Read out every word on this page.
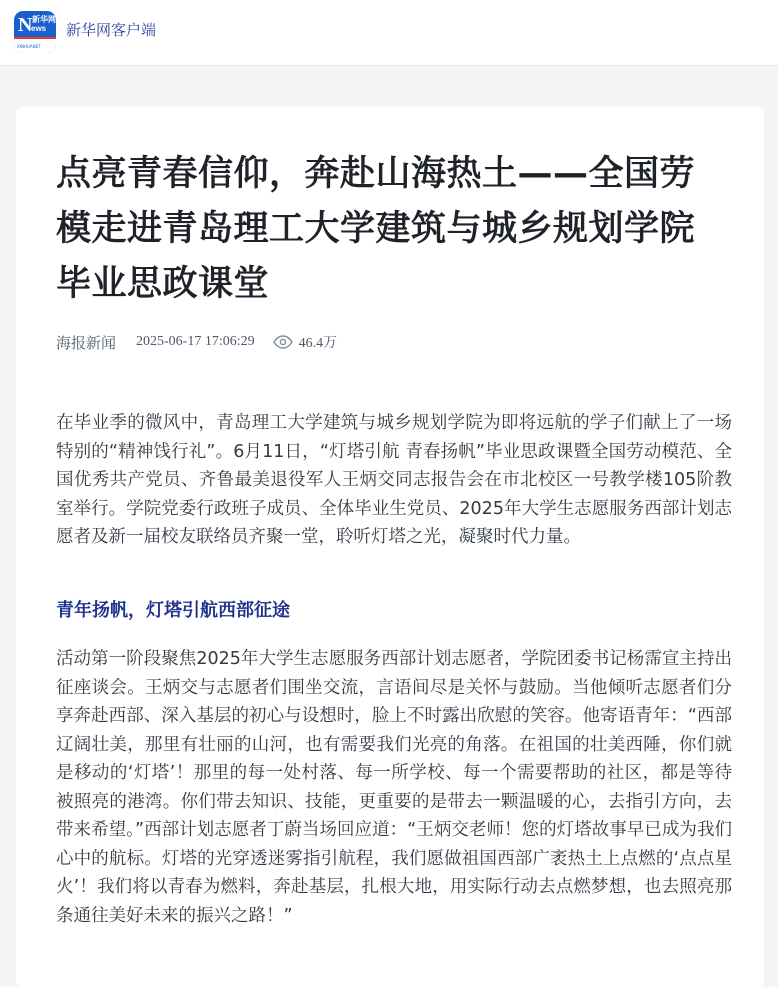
N 新华网
ews
XINHUANET
新华网客户端
点亮青春信仰，奔赴山海热土——全国劳模走进青岛理工大学建筑与城乡规划学院毕业思政课堂
海报新闻 2025-06-17 17:06:29	46.4万

在毕业季的微风中，青岛理工大学建筑与城乡规划学院为即将远航的学子们献上了一场特别的“精神饯行礼”。6月11日，“灯塔引航 青春扬帆”毕业思政课暨全国劳动模范、全国优秀共产党员、齐鲁最美退役军人王炳交同志报告会在市北校区一号教学楼105阶教室举行。学院党委行政班子成员、全体毕业生党员、2025年大学生志愿服务西部计划志愿者及新一届校友联络员齐聚一堂，聆听灯塔之光，凝聚时代力量。

青年扬帆，灯塔引航西部征途

活动第一阶段聚焦2025年大学生志愿服务西部计划志愿者，学院团委书记杨霈宣主持出征座谈会。王炳交与志愿者们围坐交流，言语间尽是关怀与鼓励。当他倾听志愿者们分享奔赴西部、深入基层的初心与设想时，脸上不时露出欣慰的笑容。他寄语青年：“西部辽阔壮美，那里有壮丽的山河，也有需要我们光亮的角落。在祖国的壮美西陲，你们就是移动的‘灯塔’！那里的每一处村落、每一所学校、每一个需要帮助的社区，都是等待被照亮的港湾。你们带去知识、技能，更重要的是带去一颗温暖的心，去指引方向，去带来希望。”西部计划志愿者丁蔚当场回应道：“王炳交老师！您的灯塔故事早已成为我们心中的航标。灯塔的光穿透迷雾指引航程，我们愿做祖国西部广袤热土上点燃的‘点点星火’！我们将以青春为燃料，奔赴基层，扎根大地，用实际行动去点燃梦想，也去照亮那条通往美好未来的振兴之路！”
